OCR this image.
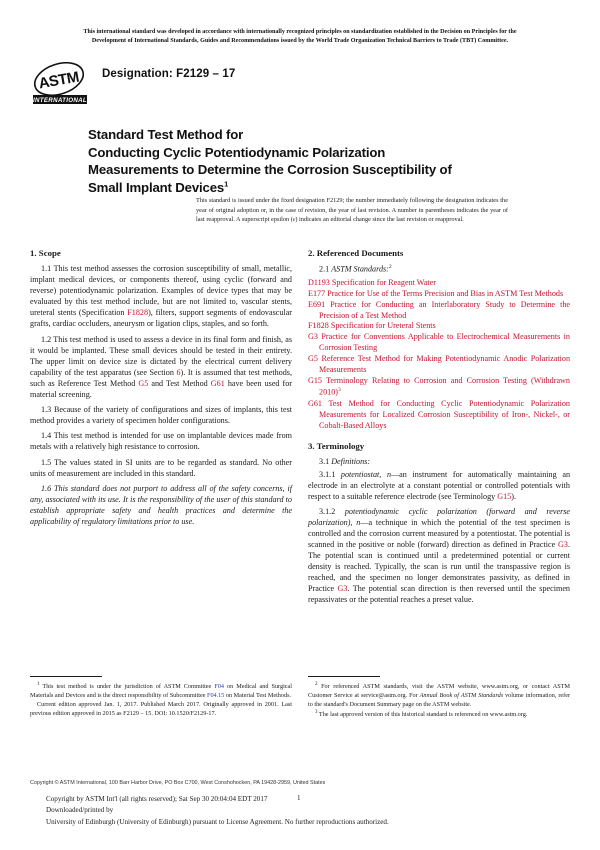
This international standard was developed in accordance with internationally recognized principles on standardization established in the Decision on Principles for the
Development of International Standards, Guides and Recommendations issued by the World Trade Organization Technical Barriers to Trade (TBT) Committee.
ASTM
INTERNATIONAL
Designation: F2129 – 17
Standard Test Method for
Conducting Cyclic Potentiodynamic Polarization
Measurements to Determine the Corrosion Susceptibility of
Small Implant Devices$^1$
This standard is issued under the fixed designation F2129; the number immediately following the designation indicates the year of original adoption or, in the case of revision, the year of last revision. A number in parentheses indicates the year of last reapproval. A superscript epsilon (ε) indicates an editorial change since the last revision or reapproval.
1. Scope

1.1 This test method assesses the corrosion susceptibility of small, metallic, implant medical devices, or components thereof, using cyclic (forward and reverse) potentiodynamic polarization. Examples of device types that may be evaluated by this test method include, but are not limited to, vascular stents, ureteral stents (Specification F1828), filters, support segments of endovascular grafts, cardiac occluders, aneurysm or ligation clips, staples, and so forth.

1.2 This test method is used to assess a device in its final form and finish, as it would be implanted. These small devices should be tested in their entirety. The upper limit on device size is dictated by the electrical current delivery capability of the test apparatus (see Section 6). It is assumed that test methods, such as Reference Test Method G5 and Test Method G61 have been used for material screening.

1.3 Because of the variety of configurations and sizes of implants, this test method provides a variety of specimen holder configurations.

1.4 This test method is intended for use on implantable devices made from metals with a relatively high resistance to corrosion.

1.5 The values stated in SI units are to be regarded as standard. No other units of measurement are included in this standard.

1.6 This standard does not purport to address all of the safety concerns, if any, associated with its use. It is the responsibility of the user of this standard to establish appropriate safety and health practices and determine the applicability of regulatory limitations prior to use.

2. Referenced Documents

2.1 ASTM Standards:$^2$

D1193 Specification for Reagent Water
E177 Practice for Use of the Terms Precision and Bias in ASTM Test Methods
E691 Practice for Conducting an Interlaboratory Study to Determine the Precision of a Test Method
F1828 Specification for Ureteral Stents
G3 Practice for Conventions Applicable to Electrochemical Measurements in Corrosion Testing
G5 Reference Test Method for Making Potentiodynamic Anodic Polarization Measurements
G15 Terminology Relating to Corrosion and Corrosion Testing (Withdrawn 2010)$^3$
G61 Test Method for Conducting Cyclic Potentiodynamic Polarization Measurements for Localized Corrosion Susceptibility of Iron-, Nickel-, or Cobalt-Based Alloys
3. Terminology

3.1 Definitions:

3.1.1 potentiostat, n—an instrument for automatically maintaining an electrode in an electrolyte at a constant potential or controlled potentials with respect to a suitable reference electrode (see Terminology G15).

3.1.2 potentiodynamic cyclic polarization (forward and reverse polarization), n—a technique in which the potential of the test specimen is controlled and the corrosion current measured by a potentiostat. The potential is scanned in the positive or noble (forward) direction as defined in Practice G3. The potential scan is continued until a predetermined potential or current density is reached. Typically, the scan is run until the transpassive region is reached, and the specimen no longer demonstrates passivity, as defined in Practice G3. The potential scan direction is then reversed until the specimen repassivates or the potential reaches a preset value.

$^1$ This test method is under the jurisdiction of ASTM Committee F04 on Medical and Surgical Materials and Devices and is the direct responsibility of Subcommittee F04.15 on Material Test Methods.

Current edition approved Jan. 1, 2017. Published March 2017. Originally approved in 2001. Last previous edition approved in 2015 as F2129 – 15. DOI: 10.1520/F2129-17.

$^2$ For referenced ASTM standards, visit the ASTM website, www.astm.org, or contact ASTM Customer Service at service@astm.org. For Annual Book of ASTM Standards volume information, refer to the standard's Document Summary page on the ASTM website.

$^3$ The last approved version of this historical standard is referenced on www.astm.org.

Copyright © ASTM International, 100 Barr Harbor Drive, PO Box C700, West Conshohocken, PA 19428-2959, United States
Copyright by ASTM Int'l (all rights reserved); Sat Sep 30 20:04:04 EDT 2017
Downloaded/printed by
University of Edinburgh (University of Edinburgh) pursuant to License Agreement. No further reproductions authorized.
1
